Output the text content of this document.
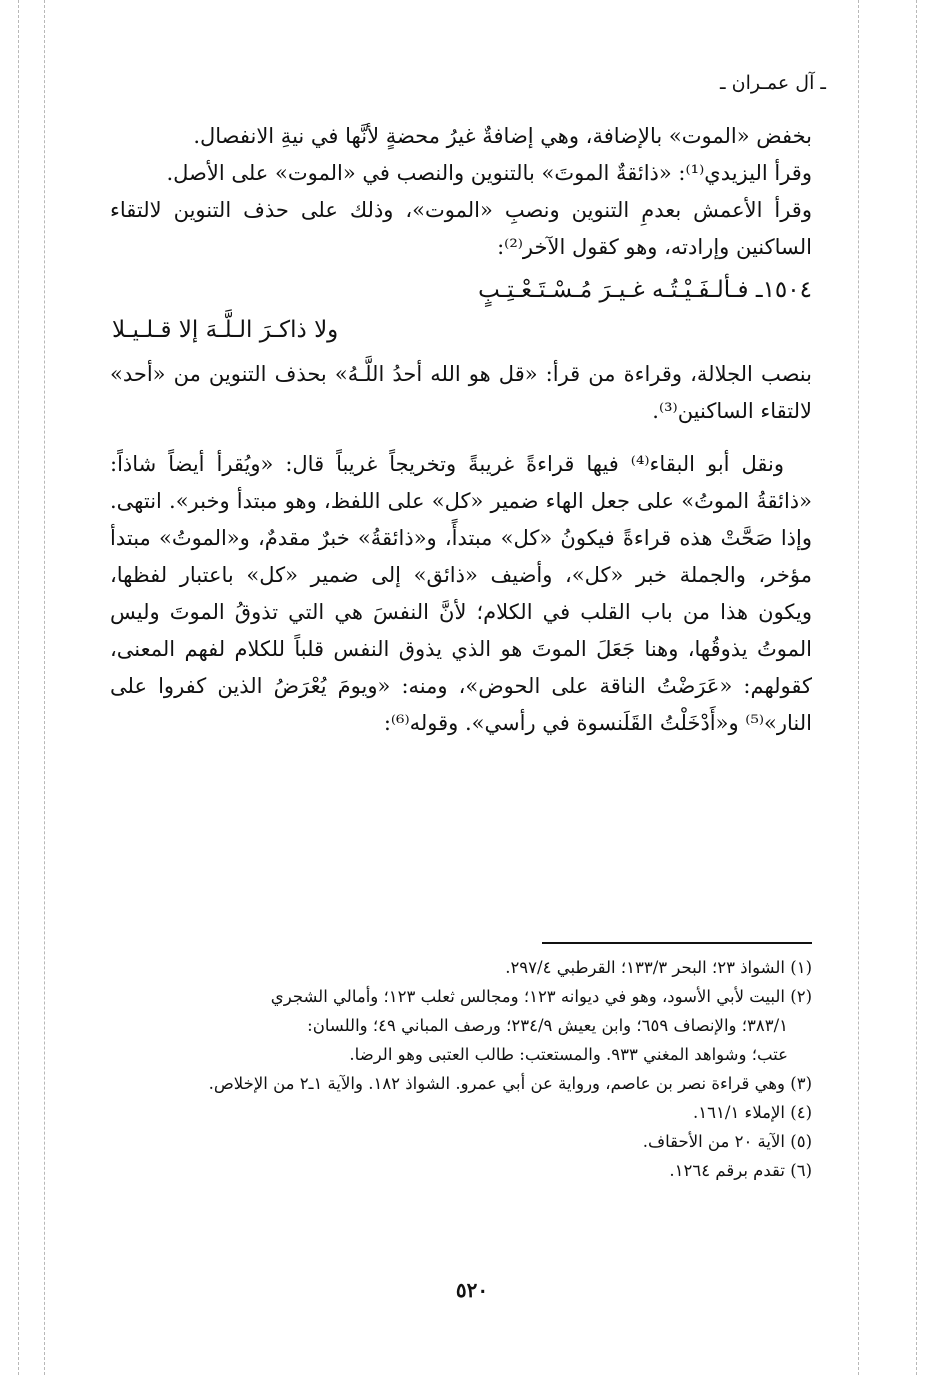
ـ آل عمـران ـ

بخفض «الموت» بالإضافة، وهي إضافةٌ غيرُ محضةٍ لأنَّها في نيةِ الانفصال.

وقرأ اليزيدي⁽¹⁾: «ذائقةٌ الموتَ» بالتنوين والنصب في «الموت» على الأصل.

وقرأ الأعمش بعدمِ التنوين ونصبِ «الموت»، وذلك على حذف التنوين لالتقاء الساكنين وإرادته، وهو كقول الآخر⁽²⁾:

١٥٠٤ـ فـألـفَـيْـتُـه غـيـرَ مُـسْـتَـعْـتِـبٍ
ولا ذاكـرَ الـلَّـهَ إلا قـلـيـلا

بنصب الجلالة، وقراءة من قرأ: «قل هو الله أحدُ اللَّـهُ» بحذف التنوين من «أحد» لالتقاء الساكنين⁽³⁾.

ونقل أبو البقاء⁽⁴⁾ فيها قراءةً غريبةً وتخريجاً غريباً قال: «ويُقرأ أيضاً شاذاً: «ذائقةُ الموتُ» على جعل الهاء ضمير «كل» على اللفظ، وهو مبتدأ وخبر». انتهى. وإذا صَحَّتْ هذه قراءةً فيكونُ «كل» مبتدأً، و«ذائقةُ» خبرٌ مقدمٌ، و«الموتُ» مبتدأ مؤخر، والجملة خبر «كل»، وأضيف «ذائق» إلى ضمير «كل» باعتبار لفظها، ويكون هذا من باب القلب في الكلام؛ لأنَّ النفسَ هي التي تذوقُ الموتَ وليس الموتُ يذوقُها، وهنا جَعَلَ الموتَ هو الذي يذوق النفس قلباً للكلام لفهم المعنى، كقولهم: «عَرَضْتُ الناقة على الحوض»، ومنه: «ويومَ يُعْرَضُ الذين كفروا على النار»⁽⁵⁾ و«أَدْخَلْتُ القَلَنسوة في رأسي». وقوله⁽⁶⁾:

(١) الشواذ ٢٣؛ البحر ١٣٣/٣؛ القرطبي ٢٩٧/٤.

(٢) البيت لأبي الأسود، وهو في ديوانه ١٢٣؛ ومجالس ثعلب ١٢٣؛ وأمالي الشجري
٣٨٣/١؛ والإنصاف ٦٥٩؛ وابن يعيش ٢٣٤/٩؛ ورصف المباني ٤٩؛ واللسان:
عتب؛ وشواهد المغني ٩٣٣. والمستعتب: طالب العتبى وهو الرضا.

(٣) وهي قراءة نصر بن عاصم، ورواية عن أبي عمرو. الشواذ ١٨٢. والآية ١ـ٢ من الإخلاص.

(٤) الإملاء ١٦١/١.

(٥) الآية ٢٠ من الأحقاف.

(٦) تقدم برقم ١٢٦٤.

٥٢٠
